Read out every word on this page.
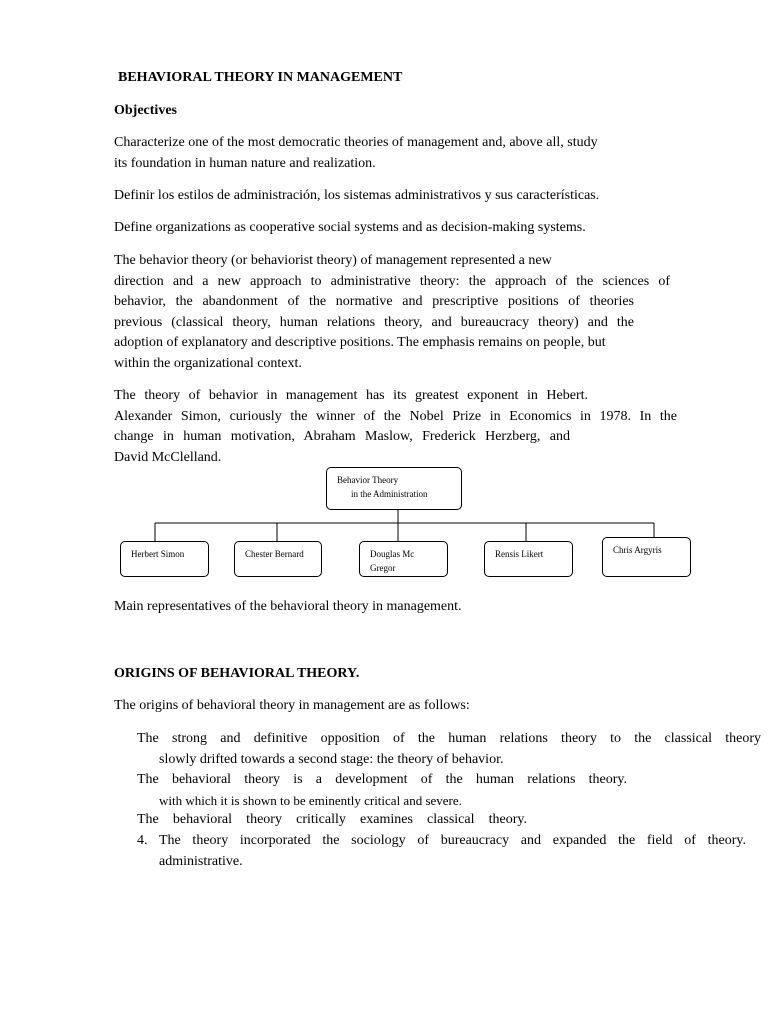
BEHAVIORAL THEORY IN MANAGEMENT

Objectives

Characterize one of the most democratic theories of management and, above all, study
its foundation in human nature and realization.
Definir los estilos de administración, los sistemas administrativos y sus características.
Define organizations as cooperative social systems and as decision-making systems.
The behavior theory (or behaviorist theory) of management represented a new
direction and a new approach to administrative theory: the approach of the sciences of
behavior, the abandonment of the normative and prescriptive positions of theories
previous (classical theory, human relations theory, and bureaucracy theory) and the
adoption of explanatory and descriptive positions. The emphasis remains on people, but
within the organizational context.
The theory of behavior in management has its greatest exponent in Hebert.
Alexander Simon, curiously the winner of the Nobel Prize in Economics in 1978. In the
change in human motivation, Abraham Maslow, Frederick Herzberg, and
David McClelland.
Behavior Theory
in the Administration
Herbert Simon	Chester Bernard	Douglas Mc
Gregor
Rensis Likert	Chris Argyris

Main representatives of the behavioral theory in management.

ORIGINS OF BEHAVIORAL THEORY.

The origins of behavioral theory in management are as follows:

The strong and definitive opposition of the human relations theory to the classical theory
slowly drifted towards a second stage: the theory of behavior.
The behavioral theory is a development of the human relations theory.
with which it is shown to be eminently critical and severe.
The behavioral theory critically examines classical theory.
4. The theory incorporated the sociology of bureaucracy and expanded the field of theory.
administrative.
